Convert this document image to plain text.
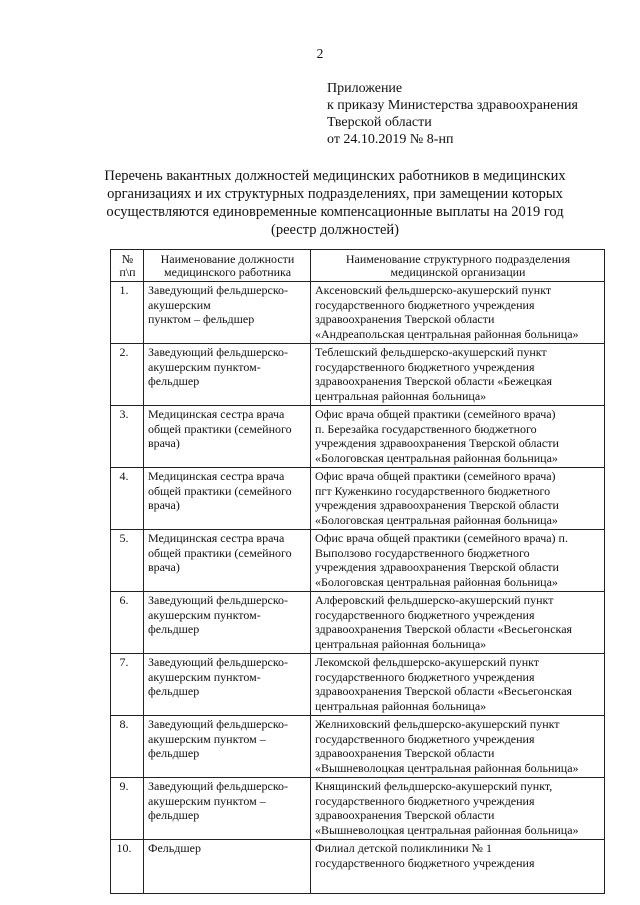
2
Приложение
к приказу Министерства здравоохранения
Тверской области
от 24.10.2019 № 8-нп
Перечень вакантных должностей медицинских работников в медицинских
организациях и их структурных подразделениях, при замещении которых
осуществляются единовременные компенсационные выплаты на 2019 год
(реестр должностей)
№
п\п	Наименование должности
медицинского работника	Наименование структурного подразделения
медицинской организации
1.	Заведующий фельдшерско-
акушерским
пунктом – фельдшер	Аксеновский фельдшерско-акушерский пункт
государственного бюджетного учреждения
здравоохранения Тверской области
«Андреапольская центральная районная больница»
2.	Заведующий фельдшерско-
акушерским пунктом-
фельдшер	Теблешский фельдшерско-акушерский пункт
государственного бюджетного учреждения
здравоохранения Тверской области «Бежецкая
центральная районная больница»
3.	Медицинская сестра врача
общей практики (семейного
врача)	Офис врача общей практики (семейного врача)
п. Березайка государственного бюджетного
учреждения здравоохранения Тверской области
«Бологовская центральная районная больница»
4.	Медицинская сестра врача
общей практики (семейного
врача)	Офис врача общей практики (семейного врача)
пгт Куженкино государственного бюджетного
учреждения здравоохранения Тверской области
«Бологовская центральная районная больница»
5.	Медицинская сестра врача
общей практики (семейного
врача)	Офис врача общей практики (семейного врача) п.
Выползово государственного бюджетного
учреждения здравоохранения Тверской области
«Бологовская центральная районная больница»
6.	Заведующий фельдшерско-
акушерским пунктом-
фельдшер	Алферовский фельдшерско-акушерский пункт
государственного бюджетного учреждения
здравоохранения Тверской области «Весьегонская
центральная районная больница»
7.	Заведующий фельдшерско-
акушерским пунктом-
фельдшер	Лекомской фельдшерско-акушерский пункт
государственного бюджетного учреждения
здравоохранения Тверской области «Весьегонская
центральная районная больница»
8.	Заведующий фельдшерско-
акушерским пунктом –
фельдшер	Желниховский фельдшерско-акушерский пункт
государственного бюджетного учреждения
здравоохранения Тверской области
«Вышневолоцкая центральная районная больница»
9.	Заведующий фельдшерско-
акушерским пунктом –
фельдшер	Княщинский фельдшерско-акушерский пункт,
государственного бюджетного учреждения
здравоохранения Тверской области
«Вышневолоцкая центральная районная больница»
10.	Фельдшер	Филиал детской поликлиники № 1
государственного бюджетного учреждения
